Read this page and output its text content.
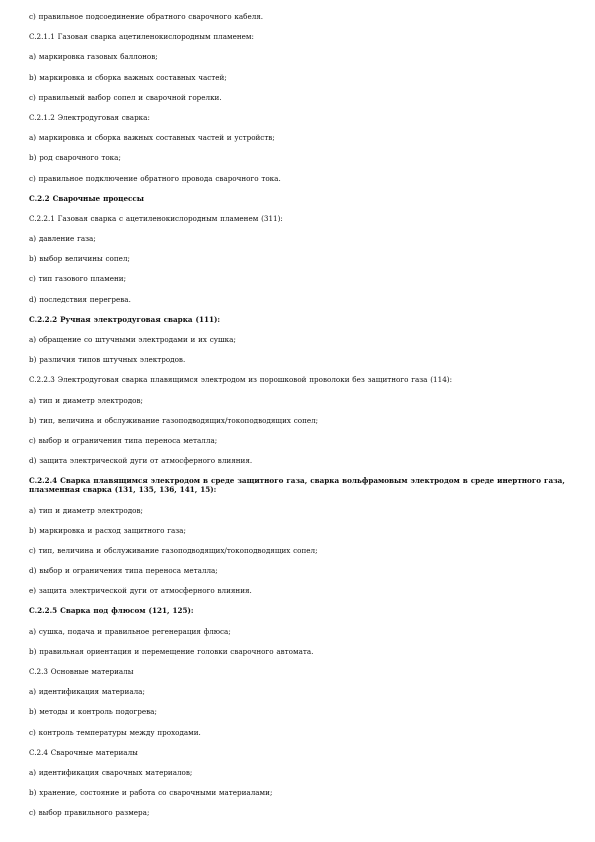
c) правильное подсоединение обратного сварочного кабеля.
C.2.1.1 Газовая сварка ацетиленокислородным пламенем:
a) маркировка газовых баллонов;
b) маркировка и сборка важных составных частей;
c) правильный выбор сопел и сварочной горелки.
C.2.1.2 Электродуговая сварка:
a) маркировка и сборка важных составных частей и устройств;
b) род сварочного тока;
c) правильное подключение обратного провода сварочного тока.
C.2.2 Сварочные процессы
C.2.2.1 Газовая сварка с ацетиленокислородным пламенем (311):
a) давление газа;
b) выбор величины сопел;
c) тип газового пламени;
d) последствия перегрева.
C.2.2.2 Ручная электродуговая сварка (111):
a) обращение со штучными электродами и их сушка;
b) различия типов штучных электродов.
C.2.2.3 Электродуговая сварка плавящимся электродом из порошковой проволоки без защитного газа (114):
a) тип и диаметр электродов;
b) тип, величина и обслуживание газоподводящих/токоподводящих сопел;
c) выбор и ограничения типа переноса металла;
d) защита электрической дуги от атмосферного влияния.
C.2.2.4 Сварка плавящимся электродом в среде защитного газа, сварка вольфрамовым электродом в среде инертного газа, плазменная сварка (131, 135, 136, 141, 15):
a) тип и диаметр электродов;
b) маркировка и расход защитного газа;
c) тип, величина и обслуживание газоподводящих/токоподводящих сопел;
d) выбор и ограничения типа переноса металла;
e) защита электрической дуги от атмосферного влияния.
C.2.2.5 Сварка под флюсом (121, 125):
a) сушка, подача и правильное регенерация флюса;
b) правильная ориентация и перемещение головки сварочного автомата.
C.2.3 Основные материалы
a) идентификация материала;
b) методы и контроль подогрева;
c) контроль температуры между проходами.
C.2.4 Сварочные материалы
a) идентификация сварочных материалов;
b) хранение, состояние и работа со сварочными материалами;
c) выбор правильного размера;
